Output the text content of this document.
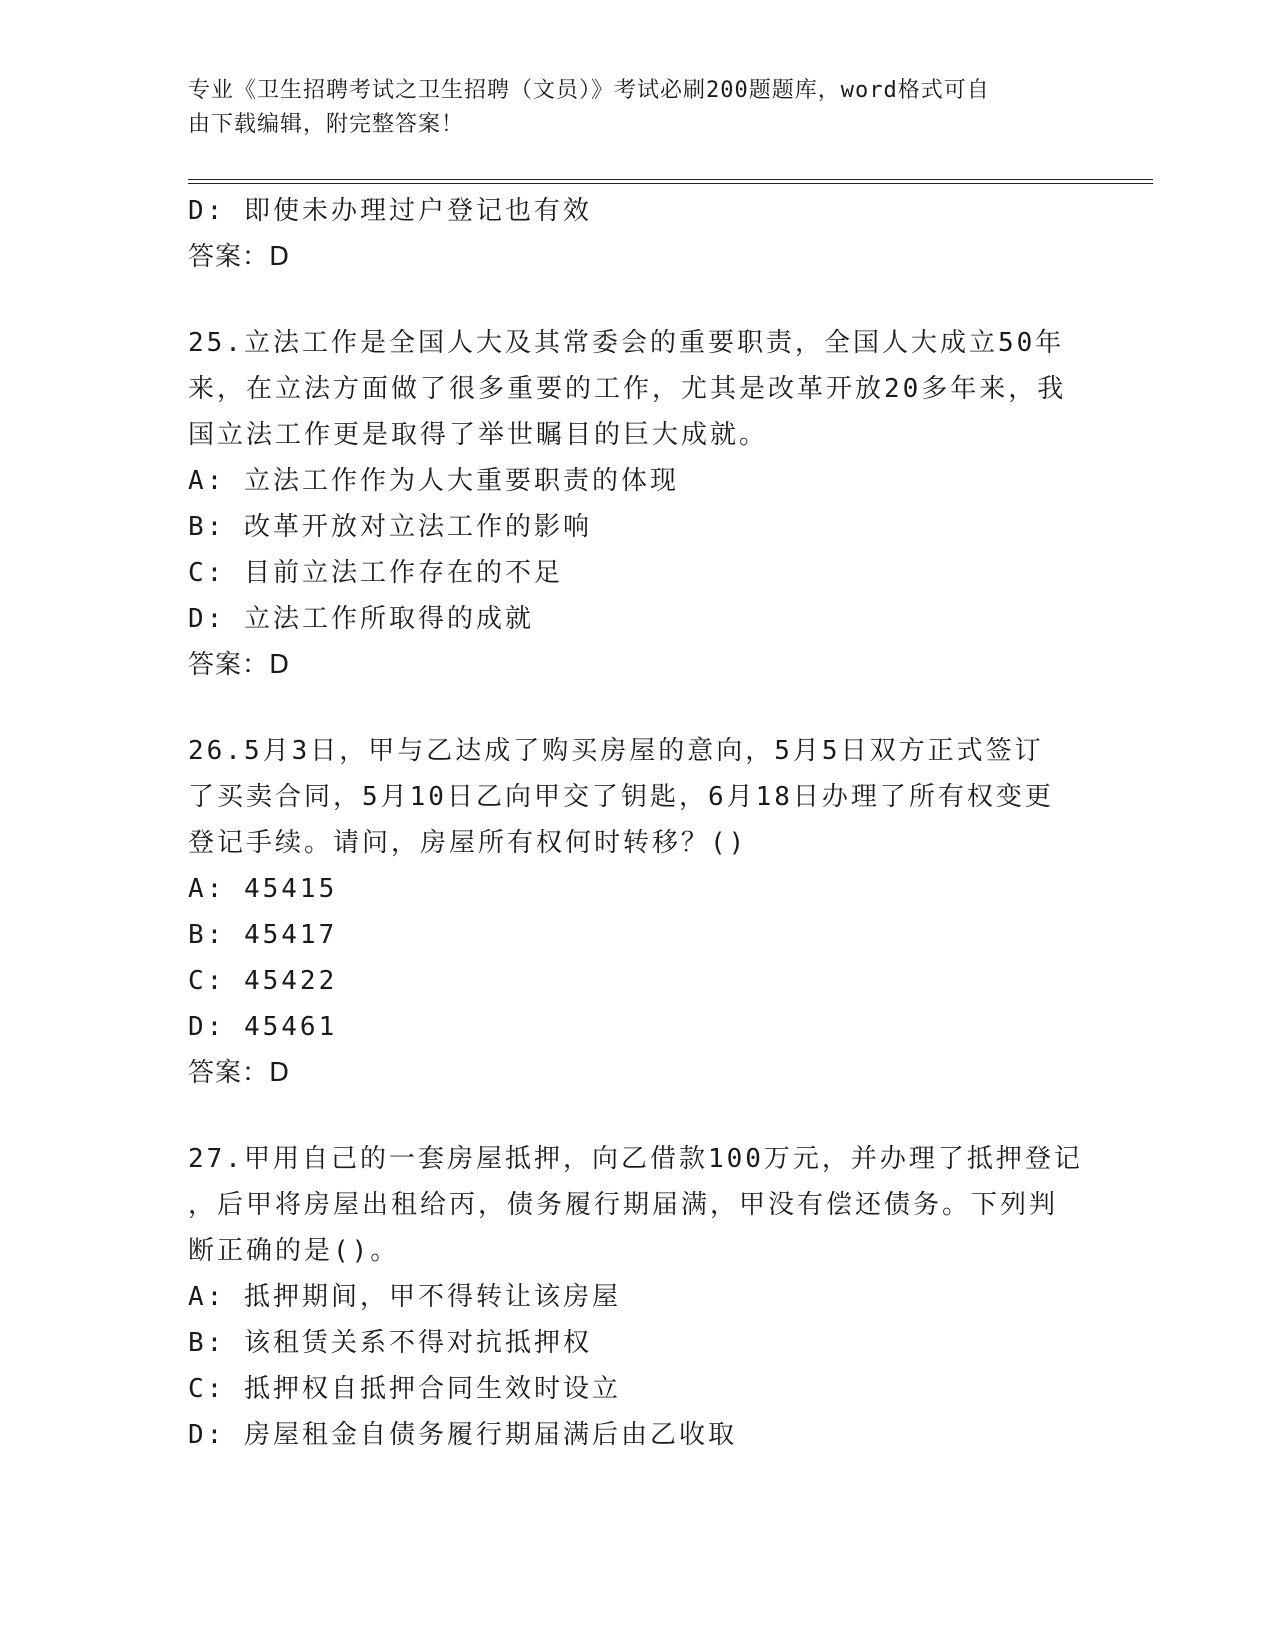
专业《卫生招聘考试之卫生招聘（文员）》考试必刷200题题库，word格式可自
由下载编辑，附完整答案！
D: 即使未办理过户登记也有效
答案：D
25.立法工作是全国人大及其常委会的重要职责，全国人大成立50年
来，在立法方面做了很多重要的工作，尤其是改革开放20多年来，我
国立法工作更是取得了举世瞩目的巨大成就。
A: 立法工作作为人大重要职责的体现
B: 改革开放对立法工作的影响
C: 目前立法工作存在的不足
D: 立法工作所取得的成就
答案：D
26.5月3日，甲与乙达成了购买房屋的意向，5月5日双方正式签订
了买卖合同，5月10日乙向甲交了钥匙，6月18日办理了所有权变更
登记手续。请问，房屋所有权何时转移？()
A: 45415
B: 45417
C: 45422
D: 45461
答案：D
27.甲用自己的一套房屋抵押，向乙借款100万元，并办理了抵押登记
，后甲将房屋出租给丙，债务履行期届满，甲没有偿还债务。下列判
断正确的是()。
A: 抵押期间，甲不得转让该房屋
B: 该租赁关系不得对抗抵押权
C: 抵押权自抵押合同生效时设立
D: 房屋租金自债务履行期届满后由乙收取
